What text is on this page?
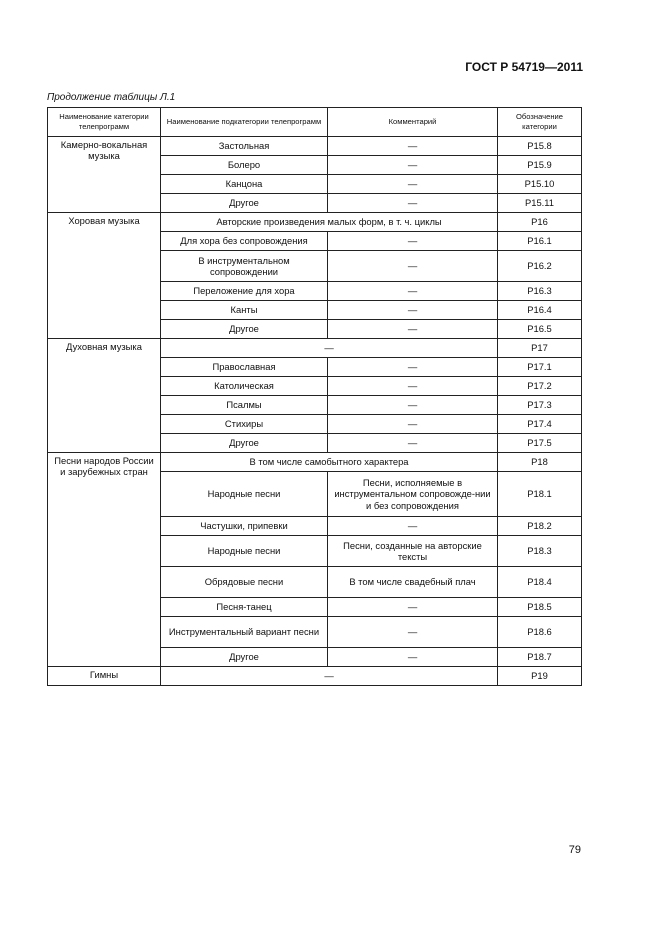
ГОСТ Р 54719—2011
Продолжение таблицы Л.1
Наименование категории телепрограмм	Наименование подкатегории телепрограмм	Комментарий	Обозначение категории
Камерно-вокальная музыка	Застольная	—	P15.8
	Болеро	—	P15.9
	Канцона	—	P15.10
	Другое	—	P15.11
Хоровая музыка	Авторские произведения малых форм, в т. ч. циклы		P16
	Для хора без сопровождения	—	P16.1
	В инструментальном сопровождении	—	P16.2
	Переложение для хора	—	P16.3
	Канты	—	P16.4
	Другое	—	P16.5
Духовная музыка	—		P17
	Православная	—	P17.1
	Католическая	—	P17.2
	Псалмы	—	P17.3
	Стихиры	—	P17.4
	Другое	—	P17.5
Песни народов России и зарубежных стран	В том числе самобытного характера		P18
	Народные песни	Песни, исполняемые в инструментальном сопровожде-нии и без сопровождения	P18.1
	Частушки, припевки	—	P18.2
	Народные песни	Песни, созданные на авторские тексты	P18.3
	Обрядовые песни	В том числе свадебный плач	P18.4
	Песня-танец	—	P18.5
	Инструментальный вариант песни	—	P18.6
	Другое	—	P18.7
Гимны	—		P19
79
